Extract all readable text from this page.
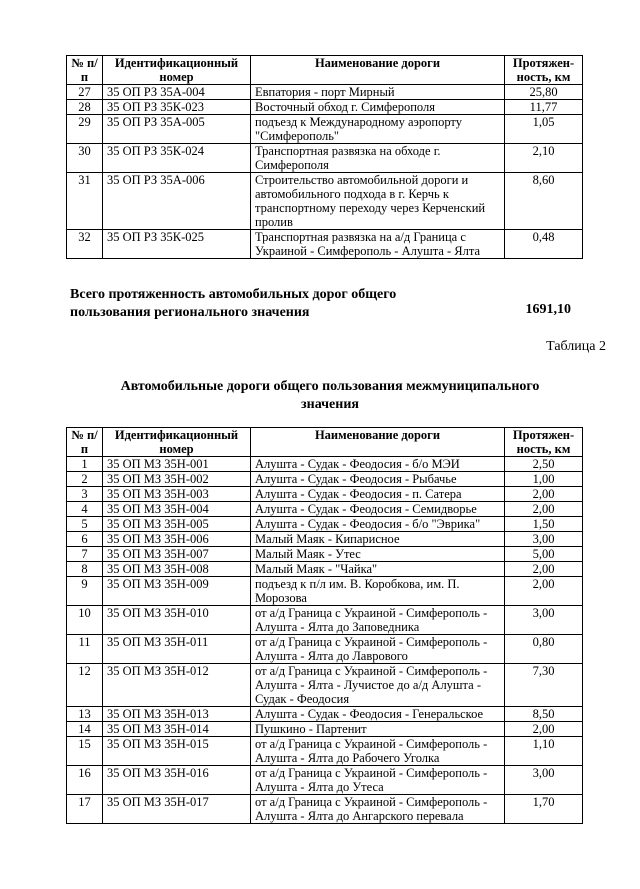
№ п/п	Идентификационный номер	Наименование дороги	Протяжен-ность, км
27	35 ОП РЗ 35А-004	Евпатория - порт Мирный	25,80
28	35 ОП РЗ 35К-023	Восточный обход г. Симферополя	11,77
29	35 ОП РЗ 35А-005	подъезд к Международному аэропорту "Симферополь"	1,05
30	35 ОП РЗ 35К-024	Транспортная развязка на обходе г. Симферополя	2,10
31	35 ОП РЗ 35А-006	Строительство автомобильной дороги и автомобильного подхода в г. Керчь к транспортному переходу через Керченский пролив	8,60
32	35 ОП РЗ 35К-025	Транспортная развязка на а/д Граница с Украиной - Симферополь - Алушта - Ялта	0,48
Всего протяженность автомобильных дорог общего пользования регионального значения	1691,10
Таблица 2
Автомобильные дороги общего пользования межмуниципального значения
№ п/п	Идентификационный номер	Наименование дороги	Протяжен-ность, км
1	35 ОП МЗ 35Н-001	Алушта - Судак - Феодосия - б/о МЭИ	2,50
2	35 ОП МЗ 35Н-002	Алушта - Судак - Феодосия - Рыбачье	1,00
3	35 ОП МЗ 35Н-003	Алушта - Судак - Феодосия - п. Сатера	2,00
4	35 ОП МЗ 35Н-004	Алушта - Судак - Феодосия - Семидворье	2,00
5	35 ОП МЗ 35Н-005	Алушта - Судак - Феодосия - б/о "Эврика"	1,50
6	35 ОП МЗ 35Н-006	Малый Маяк - Кипарисное	3,00
7	35 ОП МЗ 35Н-007	Малый Маяк - Утес	5,00
8	35 ОП МЗ 35Н-008	Малый Маяк - "Чайка"	2,00
9	35 ОП МЗ 35Н-009	подъезд к п/л им. В. Коробкова, им. П. Морозова	2,00
10	35 ОП МЗ 35Н-010	от а/д Граница с Украиной - Симферополь - Алушта - Ялта до Заповедника	3,00
11	35 ОП МЗ 35Н-011	от а/д Граница с Украиной - Симферополь - Алушта - Ялта до Лаврового	0,80
12	35 ОП МЗ 35Н-012	от а/д Граница с Украиной - Симферополь - Алушта - Ялта - Лучистое до а/д Алушта - Судак - Феодосия	7,30
13	35 ОП МЗ 35Н-013	Алушта - Судак - Феодосия - Генеральское	8,50
14	35 ОП МЗ 35Н-014	Пушкино - Партенит	2,00
15	35 ОП МЗ 35Н-015	от а/д Граница с Украиной - Симферополь - Алушта - Ялта до Рабочего Уголка	1,10
16	35 ОП МЗ 35Н-016	от а/д Граница с Украиной - Симферополь - Алушта - Ялта до Утеса	3,00
17	35 ОП МЗ 35Н-017	от а/д Граница с Украиной - Симферополь - Алушта - Ялта до Ангарского перевала	1,70
